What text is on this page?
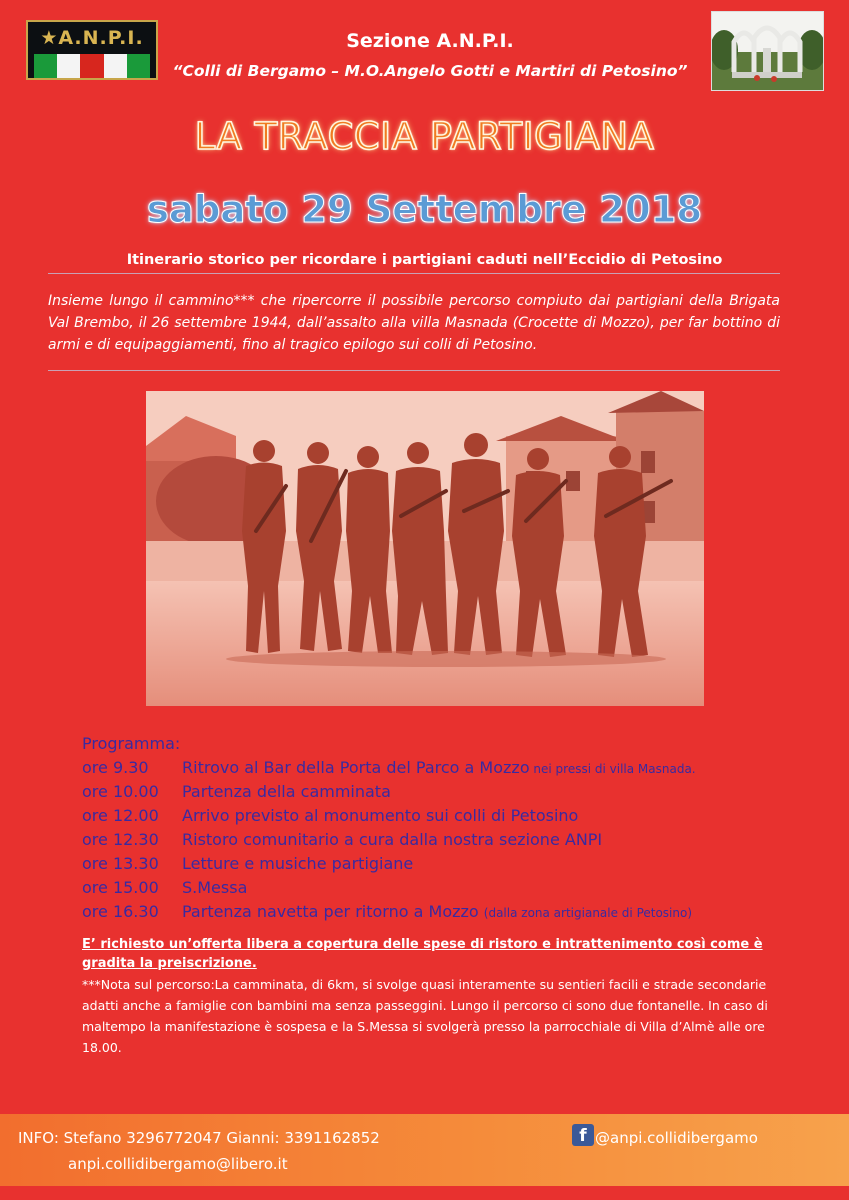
★A.N.P.I.	Sezione A.N.P.I.
“Colli di Bergamo – M.O.Angelo Gotti e Martiri di Petosino”
LA TRACCIA PARTIGIANA
sabato 29 Settembre 2018
Itinerario storico per ricordare i partigiani caduti nell’Eccidio di Petosino
Insieme lungo il cammino*** che ripercorre il possibile percorso compiuto dai partigiani della Brigata Val Brembo, il 26 settembre 1944, dall’assalto alla villa Masnada (Crocette di Mozzo), per far bottino di armi e di equipaggiamenti, fino al tragico epilogo sui colli di Petosino.
Programma:
ore 9.30	Ritrovo al Bar della Porta del Parco a Mozzo nei pressi di villa Masnada.
ore 10.00	Partenza della camminata
ore 12.00	Arrivo previsto al monumento sui colli di Petosino
ore 12.30	Ristoro comunitario a cura dalla nostra sezione ANPI
ore 13.30	Letture e musiche partigiane
ore 15.00	S.Messa
ore 16.30	Partenza navetta per ritorno a Mozzo (dalla zona artigianale di Petosino)
E’ richiesto un’offerta libera a copertura delle spese di ristoro e intrattenimento così come è gradita la preiscrizione.
***Nota sul percorso:La camminata, di 6km, si svolge quasi interamente su sentieri facili e strade secondarie adatti anche a famiglie con bambini ma senza passeggini. Lungo il percorso ci sono due fontanelle. In caso di maltempo la manifestazione è sospesa e la S.Messa si svolgerà presso la parrocchiale di Villa d’Almè alle ore 18.00.
INFO: Stefano 3296772047 Gianni: 3391162852
anpi.collidibergamo@libero.it
f @anpi.collidibergamo
